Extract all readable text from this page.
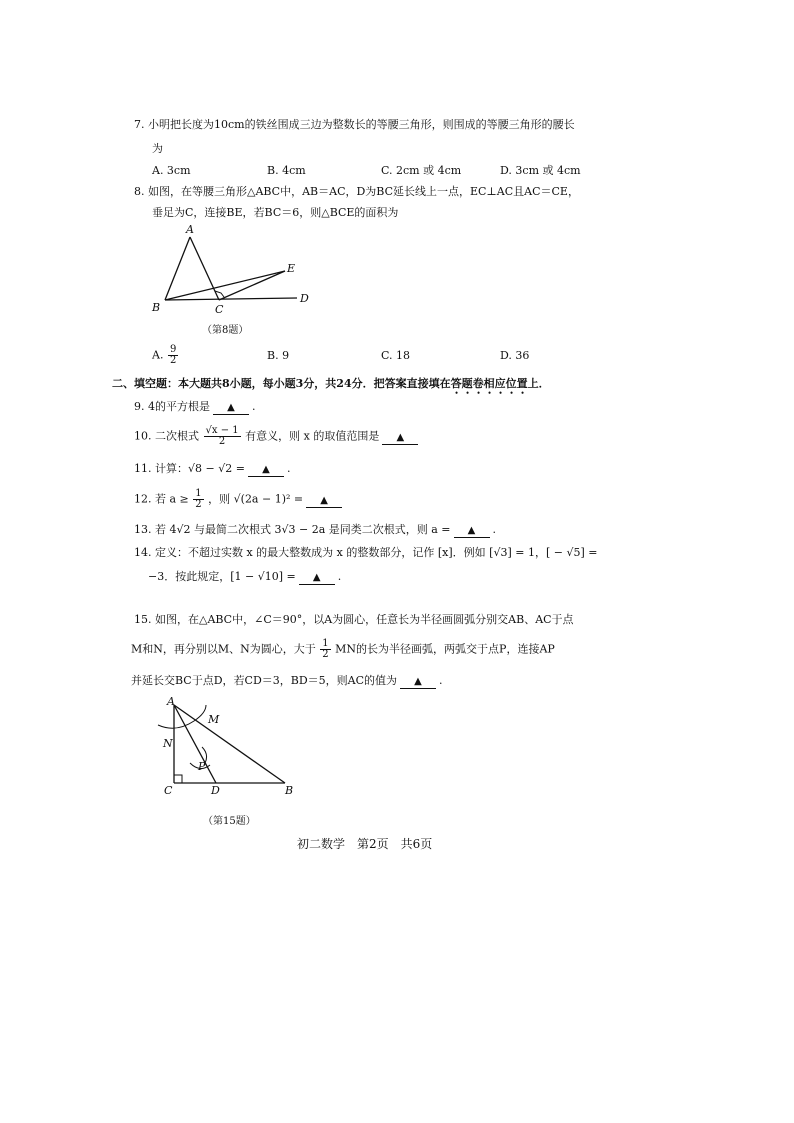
7. 小明把长度为10cm的铁丝围成三边为整数长的等腰三角形，则围成的等腰三角形的腰长
为
A. 3cm	B. 4cm	C. 2cm 或 4cm	D. 3cm 或 4cm
8. 如图，在等腰三角形△ABC中，AB＝AC，D为BC延长线上一点，EC⊥AC且AC＝CE，
垂足为C，连接BE，若BC＝6，则△BCE的面积为
A
B	C
D
E
（第8题）
A. $\frac{9}{2}$	B. 9	C. 18	D. 36
二、填空题：本大题共8小题，每小题3分，共24分．把答案直接填在答题卷相应位置上．
9. 4的平方根是 ▲ .
10. 二次根式 $\frac{√x - 1}{2}$ 有意义，则 x 的取值范围是 ▲
11. 计算：√8 − √2 = ▲ .
12. 若 $a \ge \frac{1}{2}$ ，则 √(2a − 1)² = ▲
13. 若 4√2 与最简二次根式 3√3 − 2a 是同类二次根式，则 a = ▲ .
14. 定义：不超过实数 x 的最大整数成为 x 的整数部分，记作 [x]．例如 [√3] = 1，[ − √5] =
−3．按此规定，[1 − √10] = ▲ .
15. 如图，在△ABC中，∠C＝90°，以A为圆心，任意长为半径画圆弧分别交AB、AC于点
M和N，再分别以M、N为圆心，大于 $\frac{1}{2}$ MN的长为半径画弧，两弧交于点P，连接AP
并延长交BC于点D，若CD＝3，BD＝5，则AC的值为 ▲ .
A
M
N
P
C	D	B
（第15题）
初二数学　第2页　共6页
